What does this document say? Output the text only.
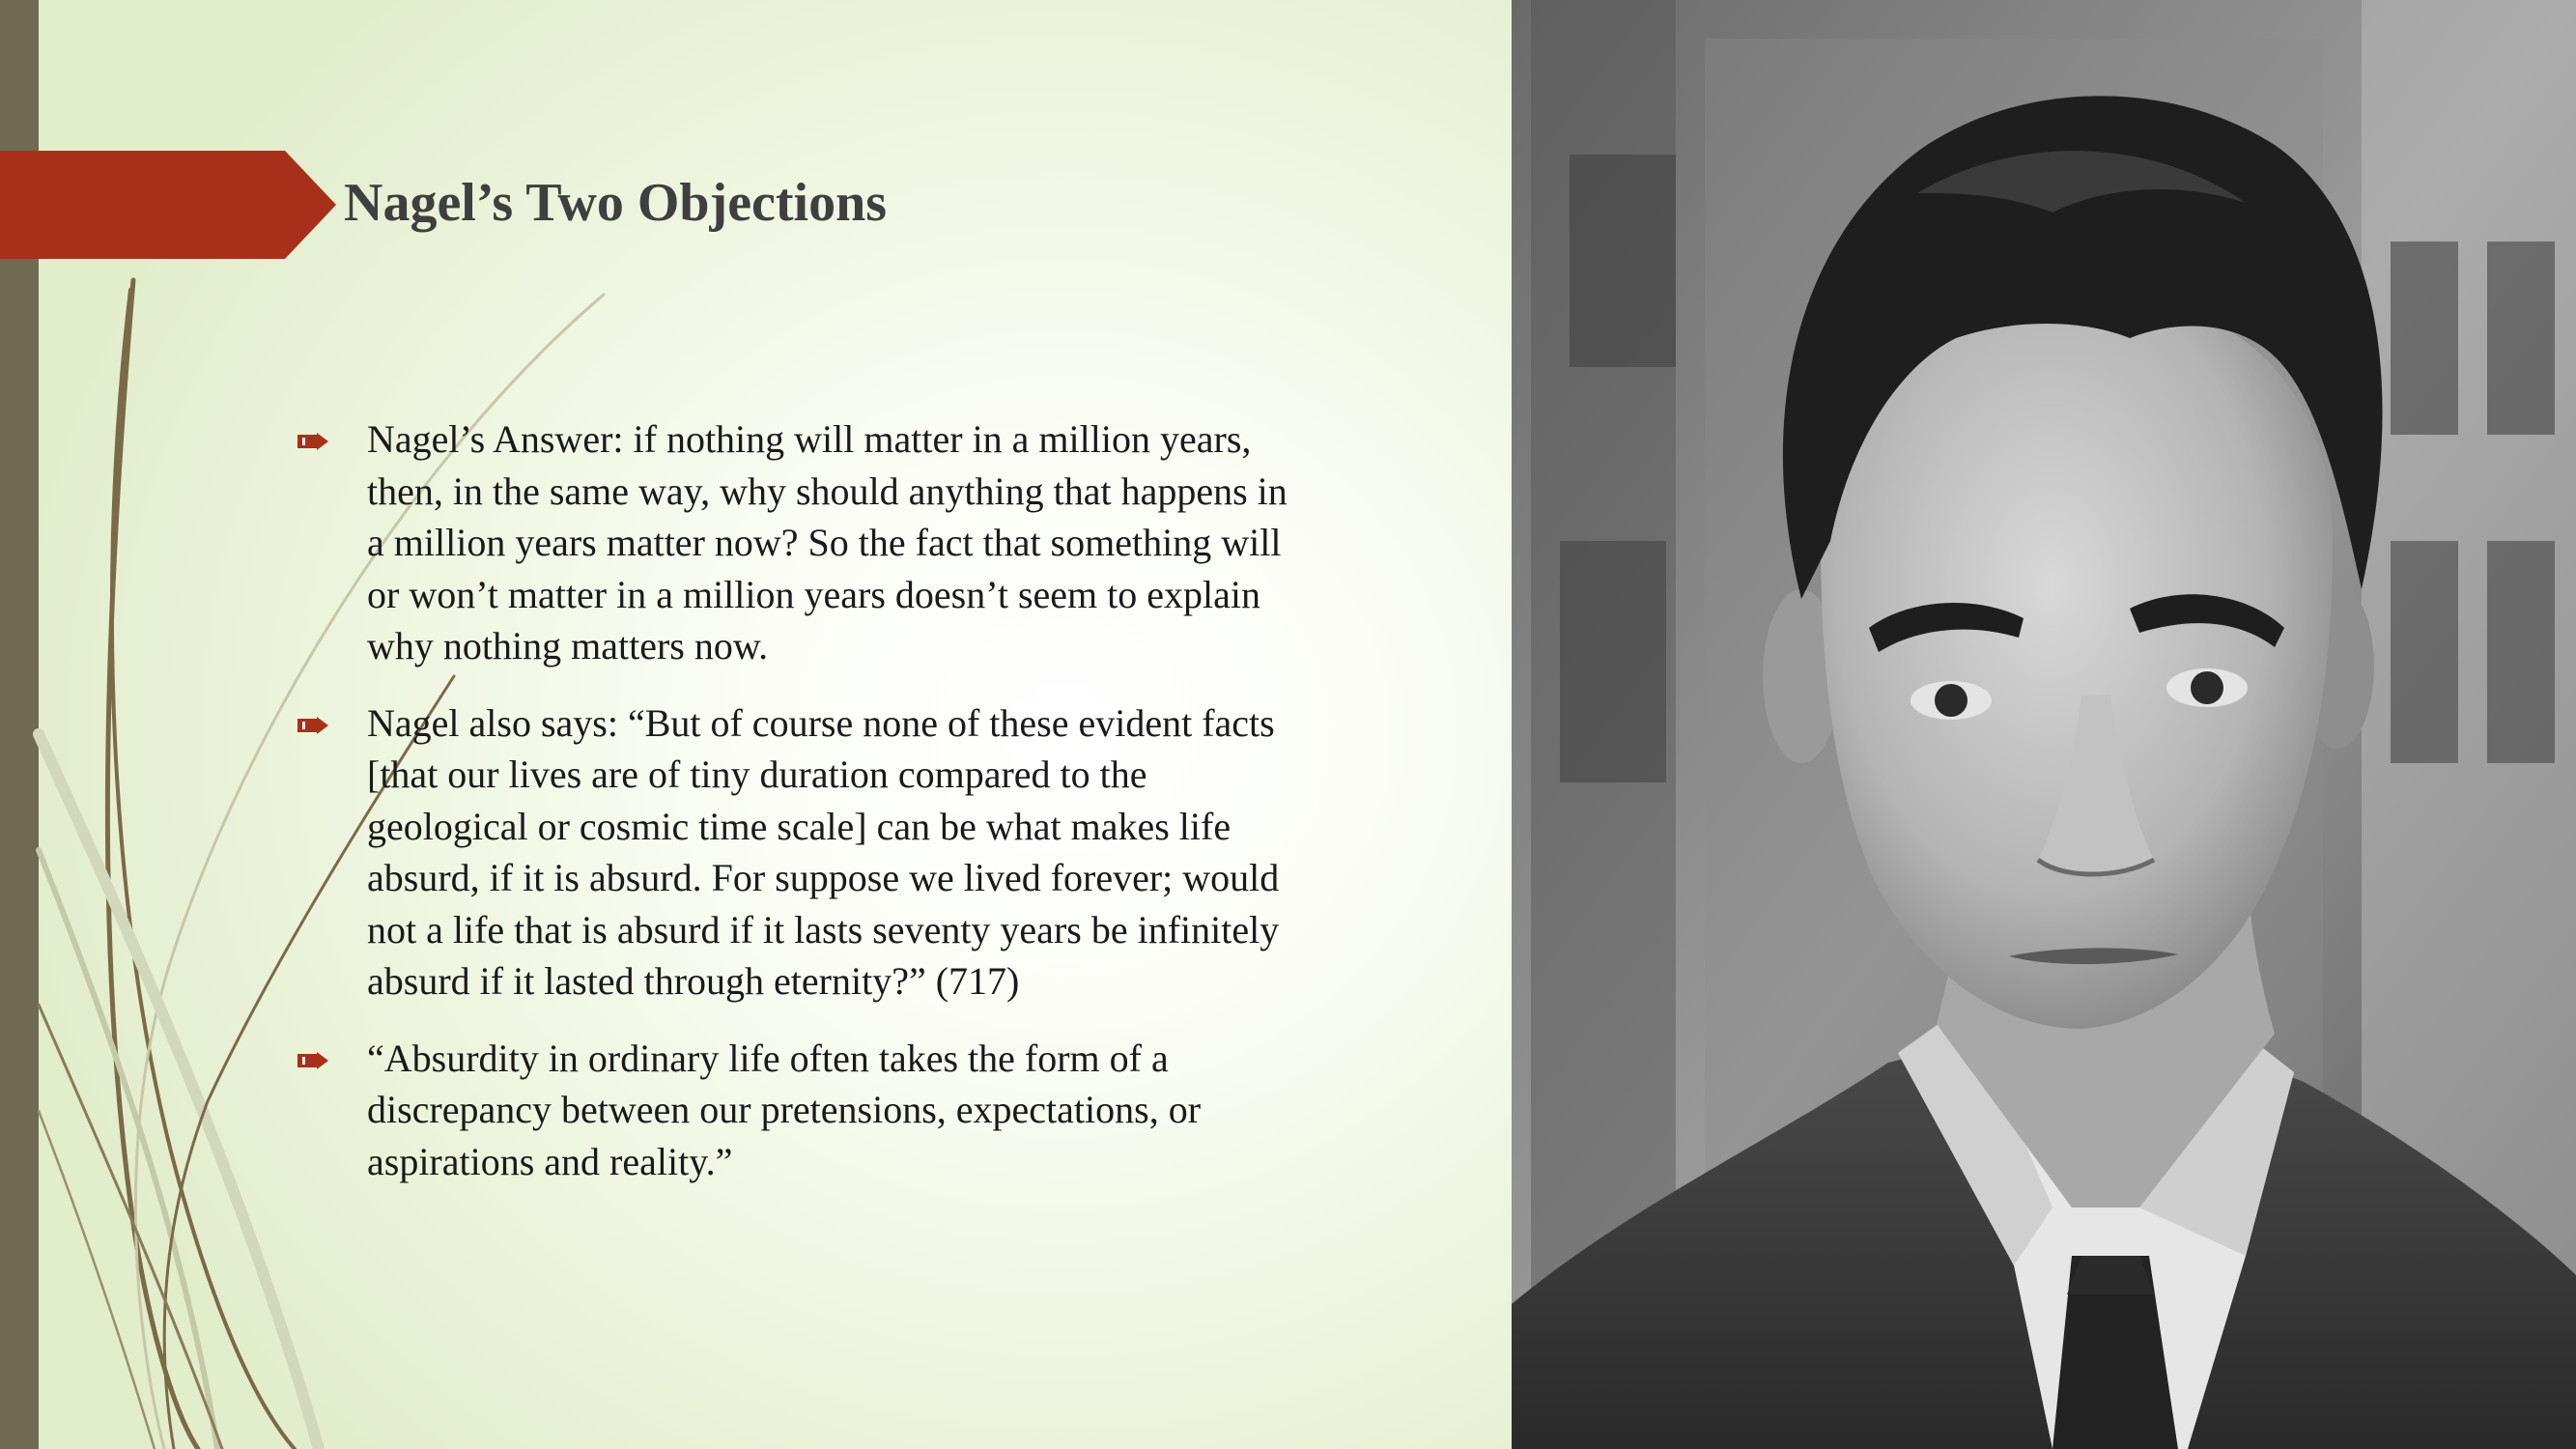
Nagel’s Two Objections
Nagel’s Answer: if nothing will matter in a million years, then, in the same way, why should anything that happens in a million years matter now? So the fact that something will or won’t matter in a million years doesn’t seem to explain why nothing matters now.
Nagel also says: “But of course none of these evident facts [that our lives are of tiny duration compared to the geological or cosmic time scale] can be what makes life absurd, if it is absurd. For suppose we lived forever; would not a life that is absurd if it lasts seventy years be infinitely absurd if it lasted through eternity?” (717)
“Absurdity in ordinary life often takes the form of a discrepancy between our pretensions, expectations, or aspirations and reality.”
